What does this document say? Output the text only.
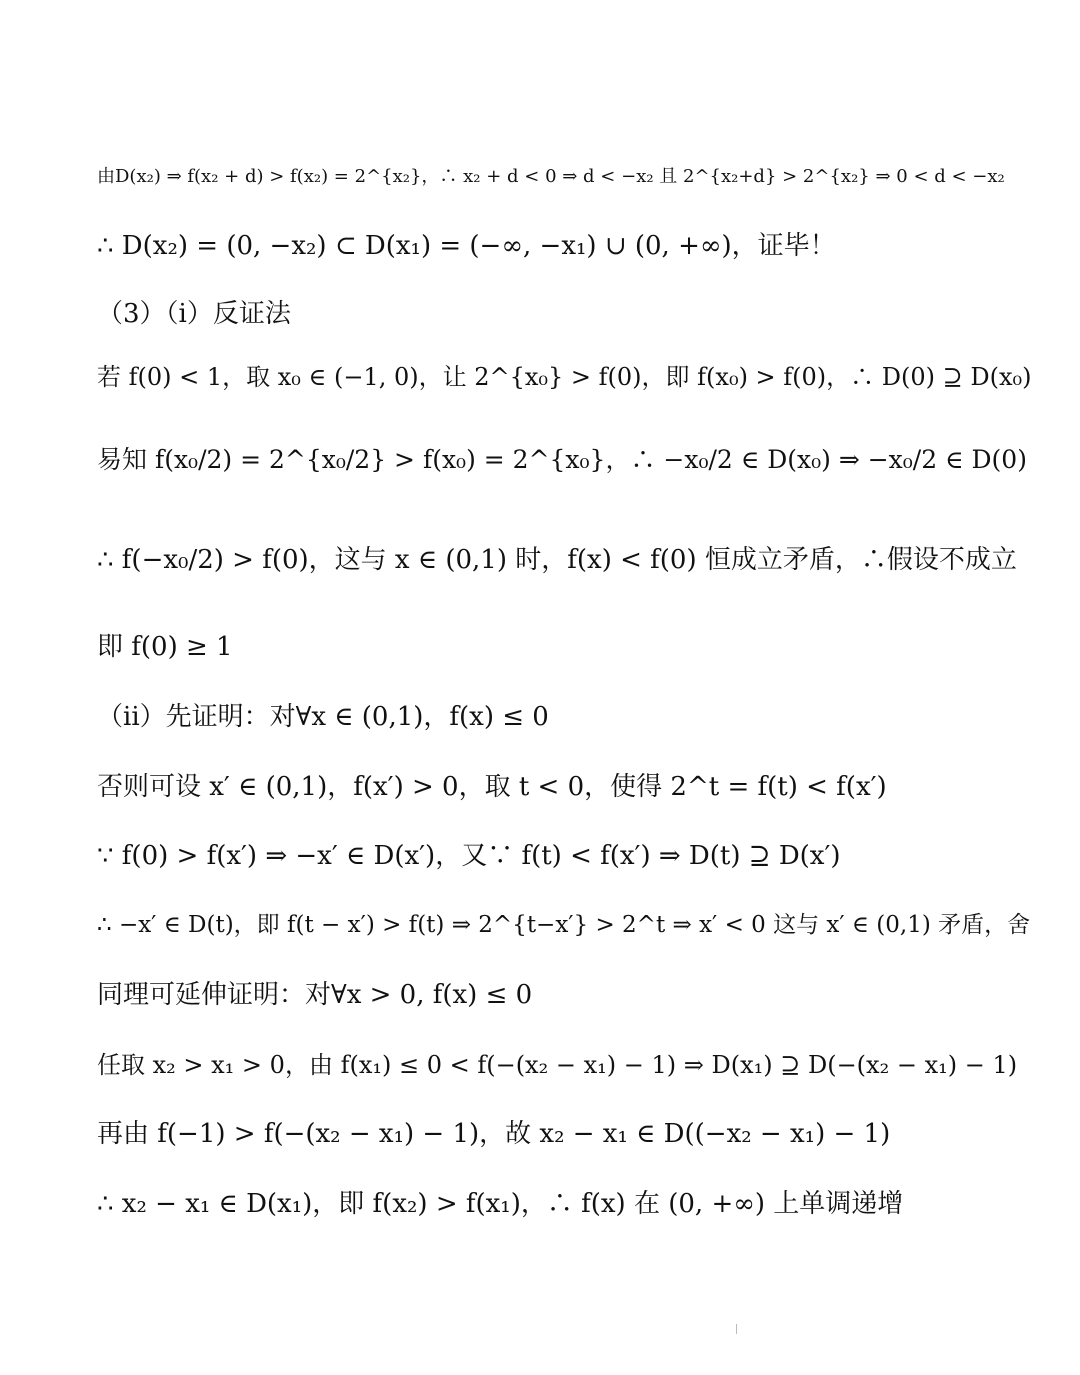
由D(x₂) ⇒ f(x₂ + d) > f(x₂) = 2^{x₂}，∴ x₂ + d < 0 ⇒ d < −x₂ 且 2^{x₂+d} > 2^{x₂} ⇒ 0 < d < −x₂
∴ D(x₂) = (0, −x₂) ⊂ D(x₁) = (−∞, −x₁) ∪ (0, +∞)，证毕！
（3）（i）反证法
若 f(0) < 1，取 x₀ ∈ (−1, 0)，让 2^{x₀} > f(0)，即 f(x₀) > f(0)，∴ D(0) ⊇ D(x₀)
易知 f(x₀/2) = 2^{x₀/2} > f(x₀) = 2^{x₀}，∴ −x₀/2 ∈ D(x₀) ⇒ −x₀/2 ∈ D(0)
∴ f(−x₀/2) > f(0)，这与 x ∈ (0,1) 时，f(x) < f(0) 恒成立矛盾，∴假设不成立
即 f(0) ≥ 1
（ii）先证明：对∀x ∈ (0,1)，f(x) ≤ 0
否则可设 x′ ∈ (0,1)，f(x′) > 0，取 t < 0，使得 2^t = f(t) < f(x′)
∵ f(0) > f(x′) ⇒ −x′ ∈ D(x′)，又∵ f(t) < f(x′) ⇒ D(t) ⊇ D(x′)
∴ −x′ ∈ D(t)，即 f(t − x′) > f(t) ⇒ 2^{t−x′} > 2^t ⇒ x′ < 0 这与 x′ ∈ (0,1) 矛盾，舍
同理可延伸证明：对∀x > 0, f(x) ≤ 0
任取 x₂ > x₁ > 0，由 f(x₁) ≤ 0 < f(−(x₂ − x₁) − 1) ⇒ D(x₁) ⊇ D(−(x₂ − x₁) − 1)
再由 f(−1) > f(−(x₂ − x₁) − 1)，故 x₂ − x₁ ∈ D((−x₂ − x₁) − 1)
∴ x₂ − x₁ ∈ D(x₁)，即 f(x₂) > f(x₁)，∴ f(x) 在 (0, +∞) 上单调递增
